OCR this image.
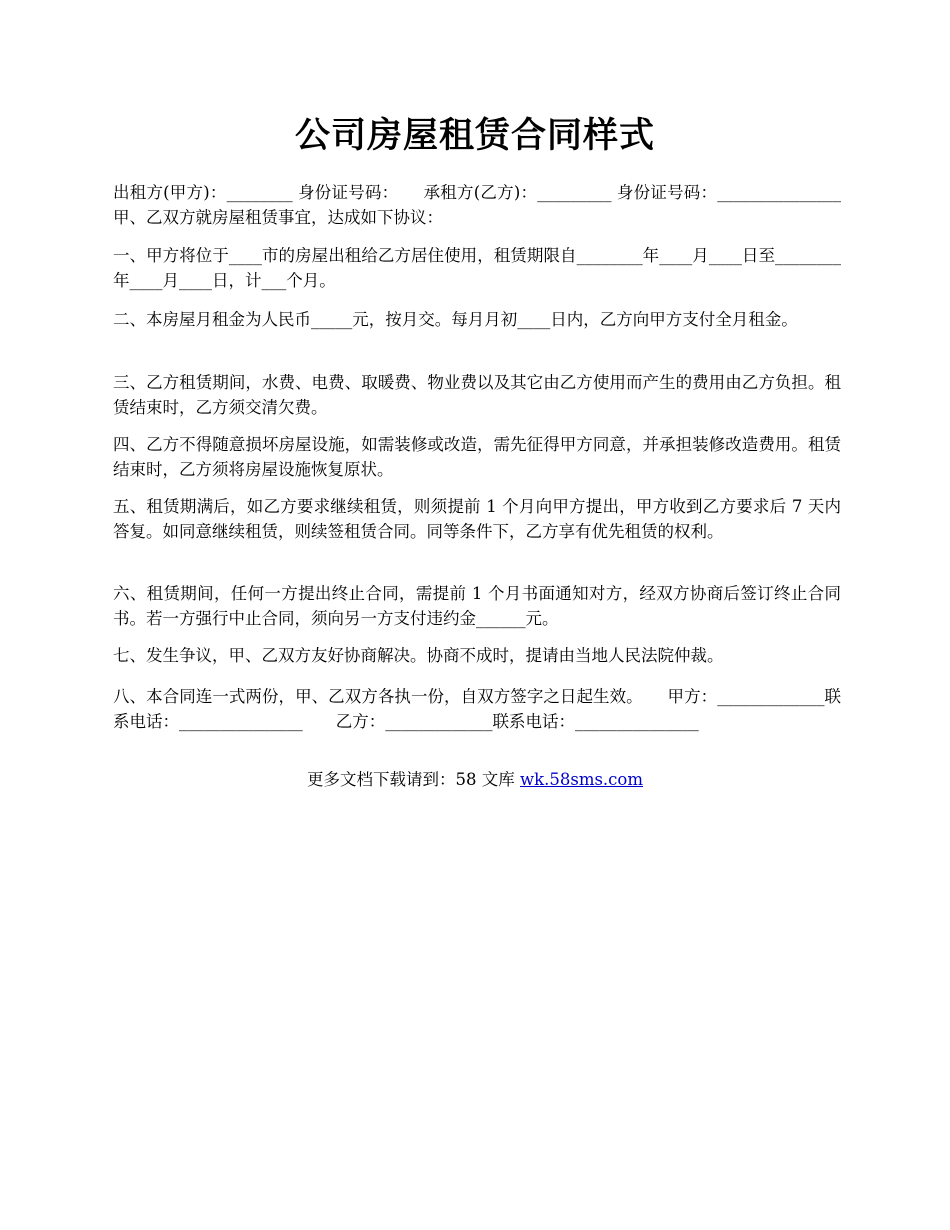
公司房屋租赁合同样式
出租方(甲方)：________ 身份证号码：　　承租方(乙方)：_________ 身份证号码：_______________　　甲、乙双方就房屋租赁事宜，达成如下协议：
一、甲方将位于____市的房屋出租给乙方居住使用，租赁期限自________年____月____日至________年____月____日，计___个月。
二、本房屋月租金为人民币_____元，按月交。每月月初____日内，乙方向甲方支付全月租金。
三、乙方租赁期间，水费、电费、取暖费、物业费以及其它由乙方使用而产生的费用由乙方负担。租赁结束时，乙方须交清欠费。
四、乙方不得随意损坏房屋设施，如需装修或改造，需先征得甲方同意，并承担装修改造费用。租赁结束时，乙方须将房屋设施恢复原状。
五、租赁期满后，如乙方要求继续租赁，则须提前 1 个月向甲方提出，甲方收到乙方要求后 7 天内答复。如同意继续租赁，则续签租赁合同。同等条件下，乙方享有优先租赁的权利。
六、租赁期间，任何一方提出终止合同，需提前 1 个月书面通知对方，经双方协商后签订终止合同书。若一方强行中止合同，须向另一方支付违约金______元。
七、发生争议，甲、乙双方友好协商解决。协商不成时，提请由当地人民法院仲裁。
八、本合同连一式两份，甲、乙双方各执一份，自双方签字之日起生效。　　甲方：_____________联系电话：_______________　　乙方：_____________联系电话：_______________
更多文档下载请到：58 文库 wk.58sms.com
